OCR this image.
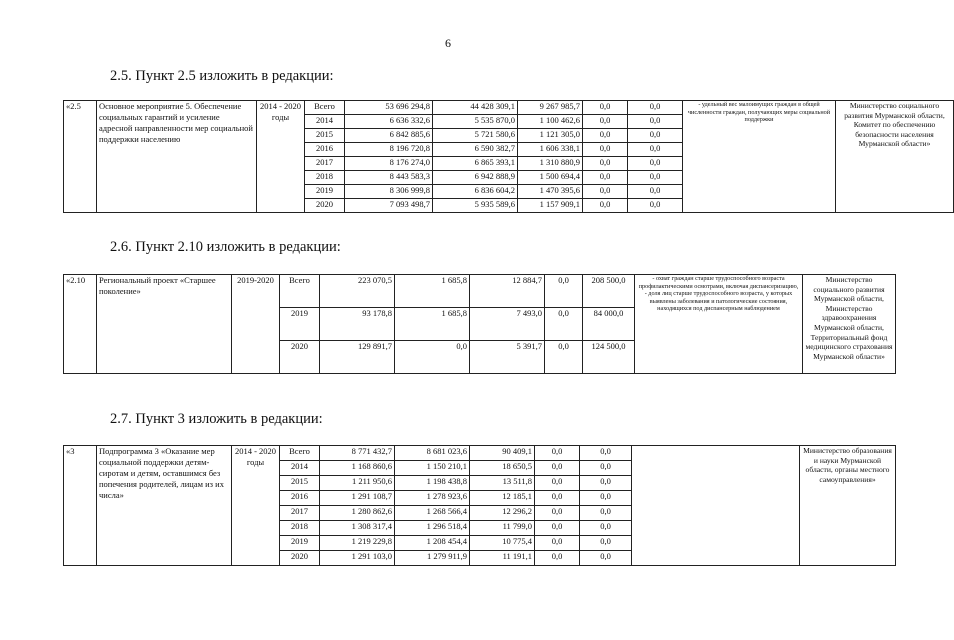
6
2.5. Пункт 2.5 изложить в редакции:
«2.5	Основное мероприятие 5. Обеспечение социальных гарантий и усиление адресной направленности мер социальной поддержки населению	2014 - 2020 годы	Всего	53 696 294,8	44 428 309,1	9 267 985,7	0,0	0,0	- удельный вес малоимущих граждан в общей численности граждан, получающих меры социальной поддержки	Министерство социального развития Мурманской области, Комитет по обеспечению безопасности населения Мурманской области»
			2014	6 636 332,6	5 535 870,0	1 100 462,6	0,0	0,0		
			2015	6 842 885,6	5 721 580,6	1 121 305,0	0,0	0,0		
			2016	8 196 720,8	6 590 382,7	1 606 338,1	0,0	0,0		
			2017	8 176 274,0	6 865 393,1	1 310 880,9	0,0	0,0		
			2018	8 443 583,3	6 942 888,9	1 500 694,4	0,0	0,0		
			2019	8 306 999,8	6 836 604,2	1 470 395,6	0,0	0,0		
			2020	7 093 498,7	5 935 589,6	1 157 909,1	0,0	0,0		
2.6. Пункт 2.10 изложить в редакции:
«2.10	Региональный проект «Старшее поколение»	2019-2020	Всего	223 070,5	1 685,8	12 884,7	0,0	208 500,0	- охват граждан старше трудоспособного возраста профилактическими осмотрами, включая диспансеризацию, - доля лиц старше трудоспособного возраста, у которых выявлены заболевания и патологические состояния, находящихся под диспансерным наблюдением	Министерство социального развития Мурманской области, Министерство здравоохранения Мурманской области, Территориальный фонд медицинского страхования Мурманской области»
			2019	93 178,8	1 685,8	7 493,0	0,0	84 000,0		
			2020	129 891,7	0,0	5 391,7	0,0	124 500,0		
2.7. Пункт 3 изложить в редакции:
«3	Подпрограмма 3 «Оказание мер социальной поддержки детям-сиротам и детям, оставшимся без попечения родителей, лицам из их числа»	2014 - 2020 годы	Всего	8 771 432,7	8 681 023,6	90 409,1	0,0	0,0		Министерство образования и науки Мурманской области, органы местного самоуправления»
			2014	1 168 860,6	1 150 210,1	18 650,5	0,0	0,0		
			2015	1 211 950,6	1 198 438,8	13 511,8	0,0	0,0		
			2016	1 291 108,7	1 278 923,6	12 185,1	0,0	0,0		
			2017	1 280 862,6	1 268 566,4	12 296,2	0,0	0,0		
			2018	1 308 317,4	1 296 518,4	11 799,0	0,0	0,0		
			2019	1 219 229,8	1 208 454,4	10 775,4	0,0	0,0		
			2020	1 291 103,0	1 279 911,9	11 191,1	0,0	0,0		
